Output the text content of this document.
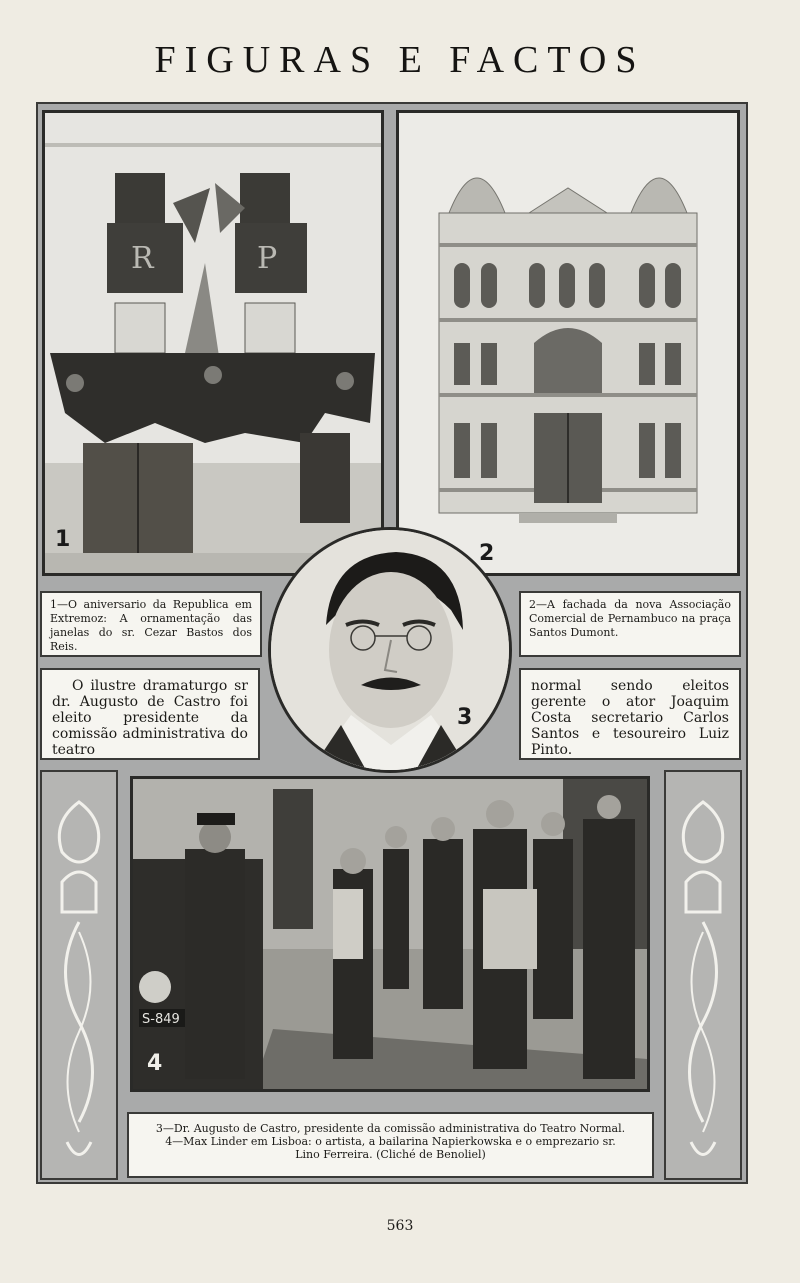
FIGURAS E FACTOS
R	P
1
2
1—O aniversario da Republica em Extremoz: A ornamentação das janelas do sr. Cezar Bastos dos Reis.
2—A fachada da nova Associação Comercial de Pernambuco na praça Santos Dumont.
O ilustre dramaturgo sr dr. Augusto de Castro foi eleito presidente da comissão administrativa do teatro
normal sendo eleitos gerente o ator Joaquim Costa secretario Carlos Santos e tesoureiro Luiz Pinto.
3
S-849
4
3—Dr. Augusto de Castro, presidente da comissão administrativa do Teatro Normal.
4—Max Linder em Lisboa: o artista, a bailarina Napierkowska e o emprezario sr.
Lino Ferreira. (Cliché de Benoliel)
563
